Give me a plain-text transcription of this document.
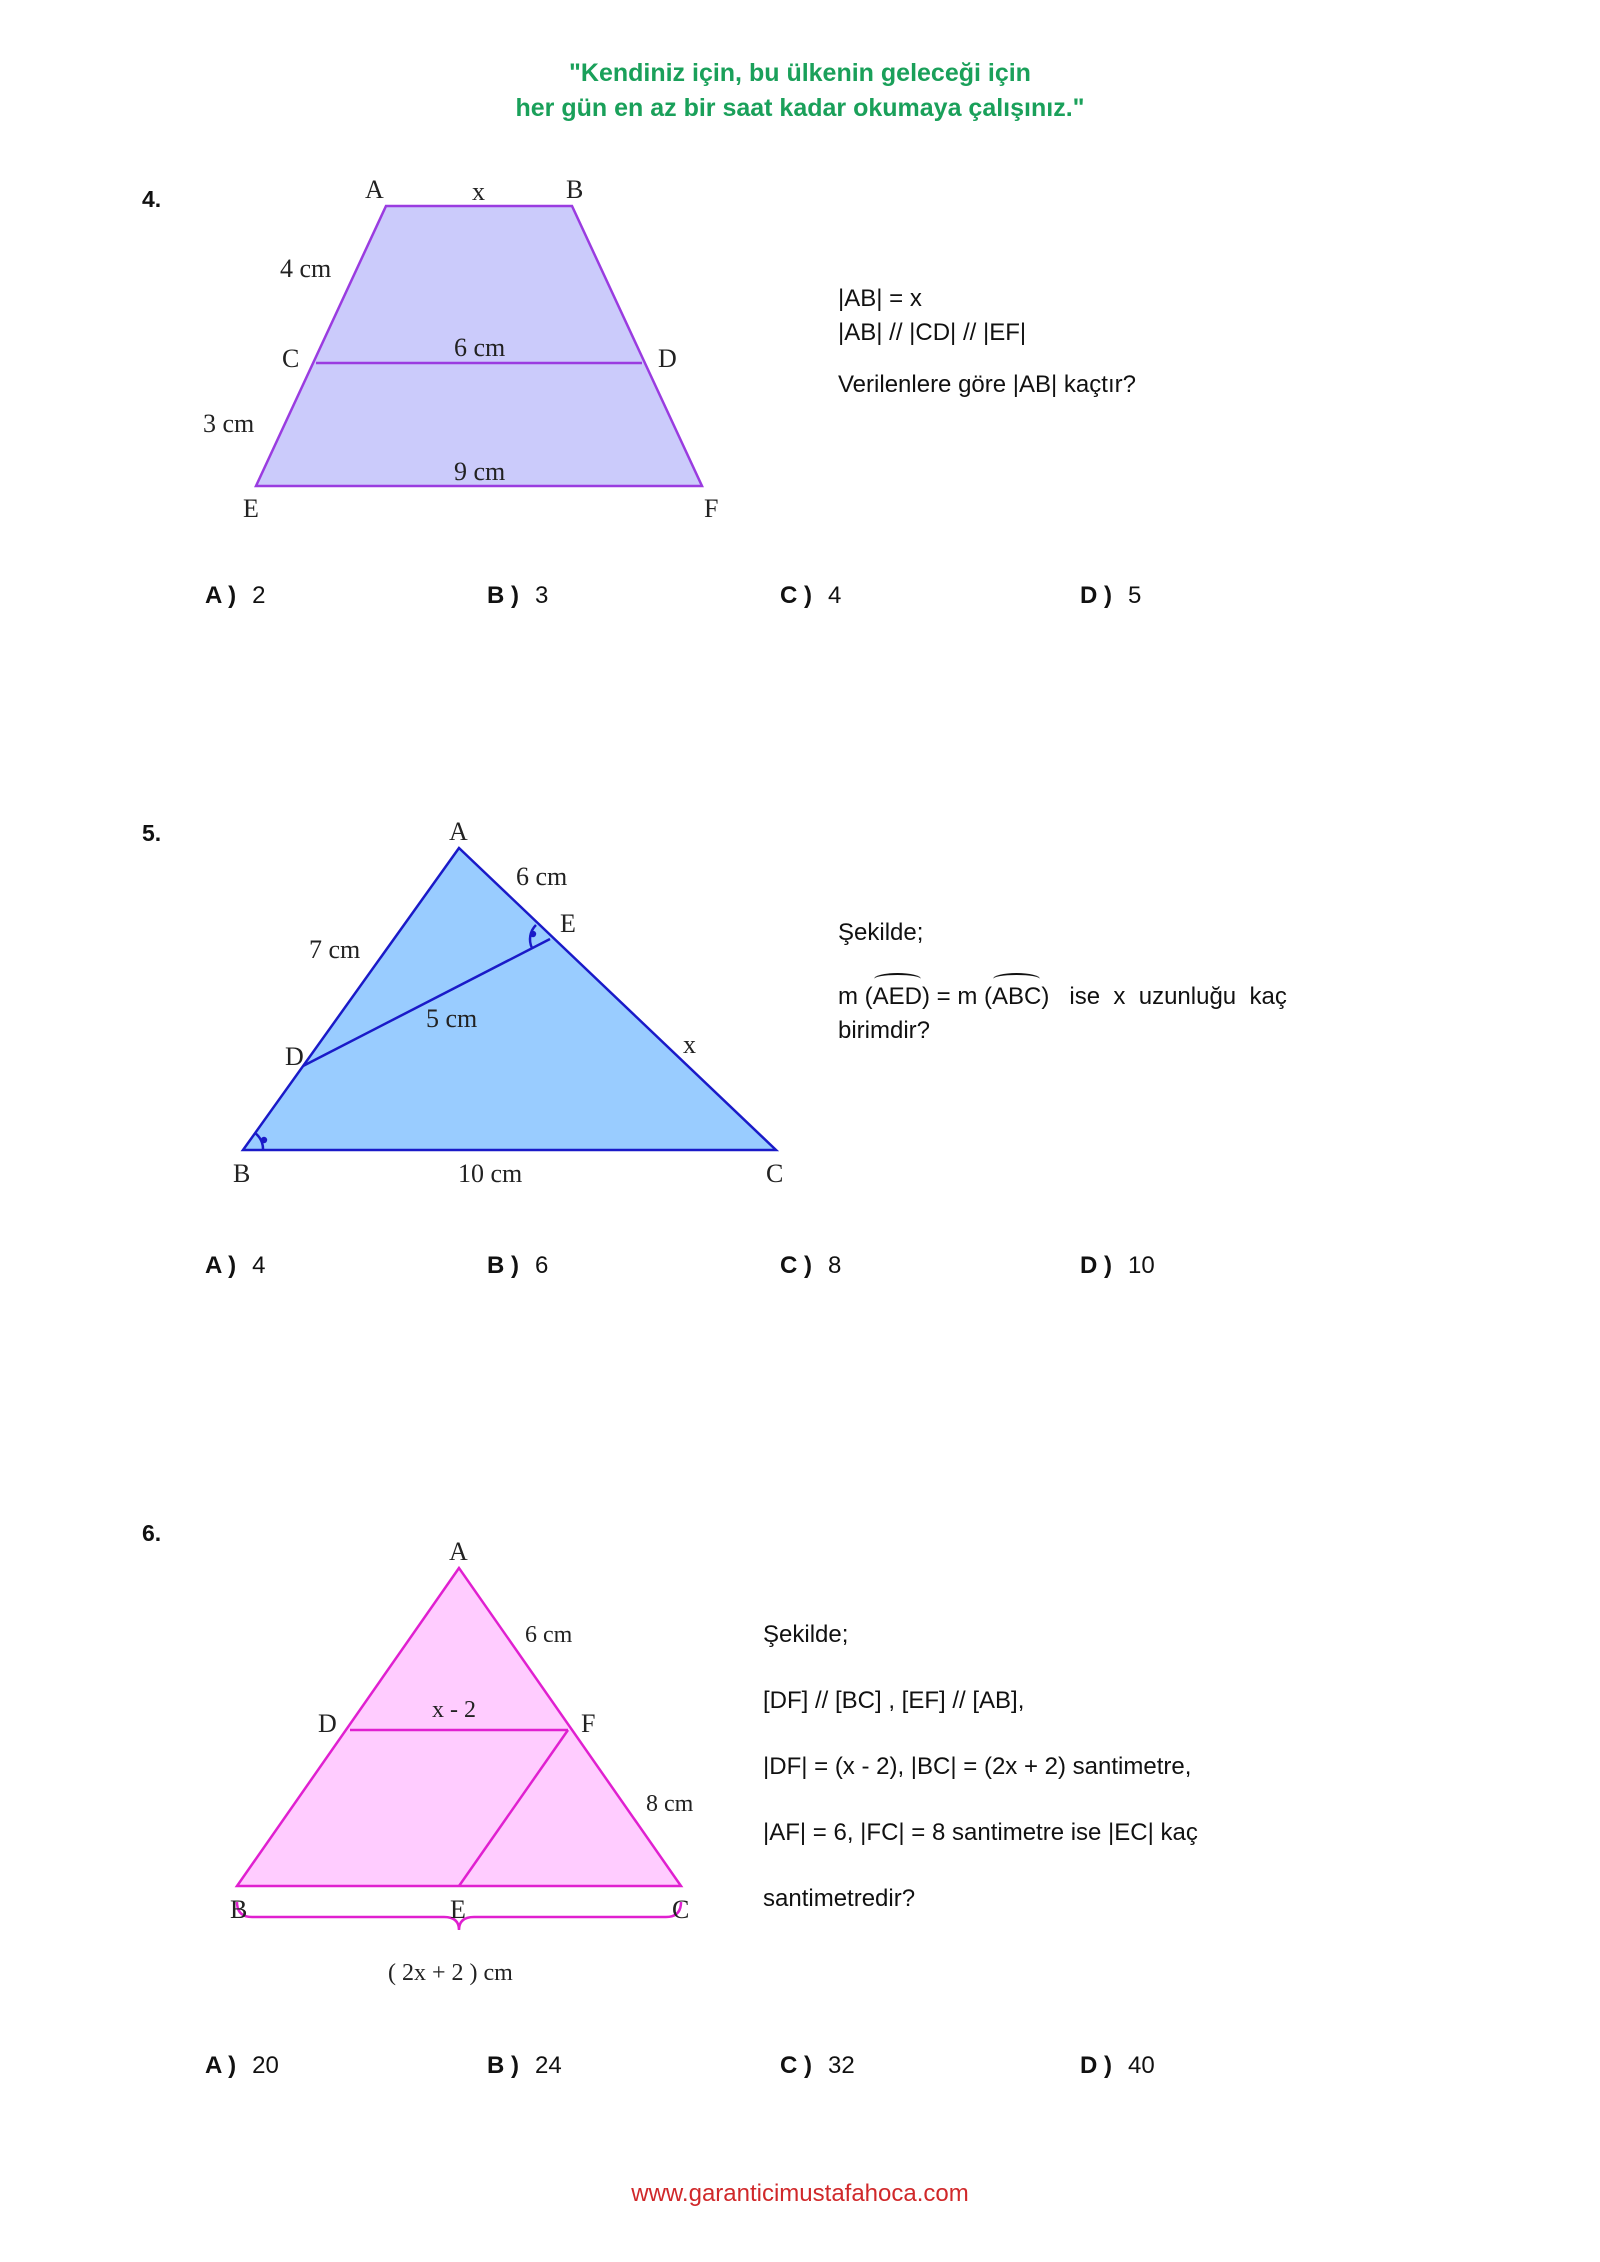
"Kendiniz için, bu ülkenin geleceği için
her gün en az bir saat kadar okumaya çalışınız."
4.	A	B
x
4 cm
C	6 cm	D
3 cm
9 cm
E	F
|AB| = x
|AB| // |CD| // |EF|
Verilenlere göre |AB| kaçtır?
A ) 2	B ) 3	C ) 4	D ) 5
5.	A
6 cm
E
7 cm
5 cm
D	x
B	10 cm	C
Şekilde;
m (AED) = m (ABC)   ise  x  uzunluğu  kaç
birimdir?
A ) 4	B ) 6	C ) 8	D ) 10
6.
A
6 cm
x - 2
D	F
8 cm
B	E	C
( 2x + 2 ) cm
Şekilde;
[DF] // [BC] , [EF] // [AB],
|DF| = (x - 2), |BC| = (2x + 2) santimetre,
|AF| = 6, |FC| = 8 santimetre ise |EC| kaç
santimetredir?
A ) 20	B ) 24	C ) 32	D ) 40
www.garanticimustafahoca.com
